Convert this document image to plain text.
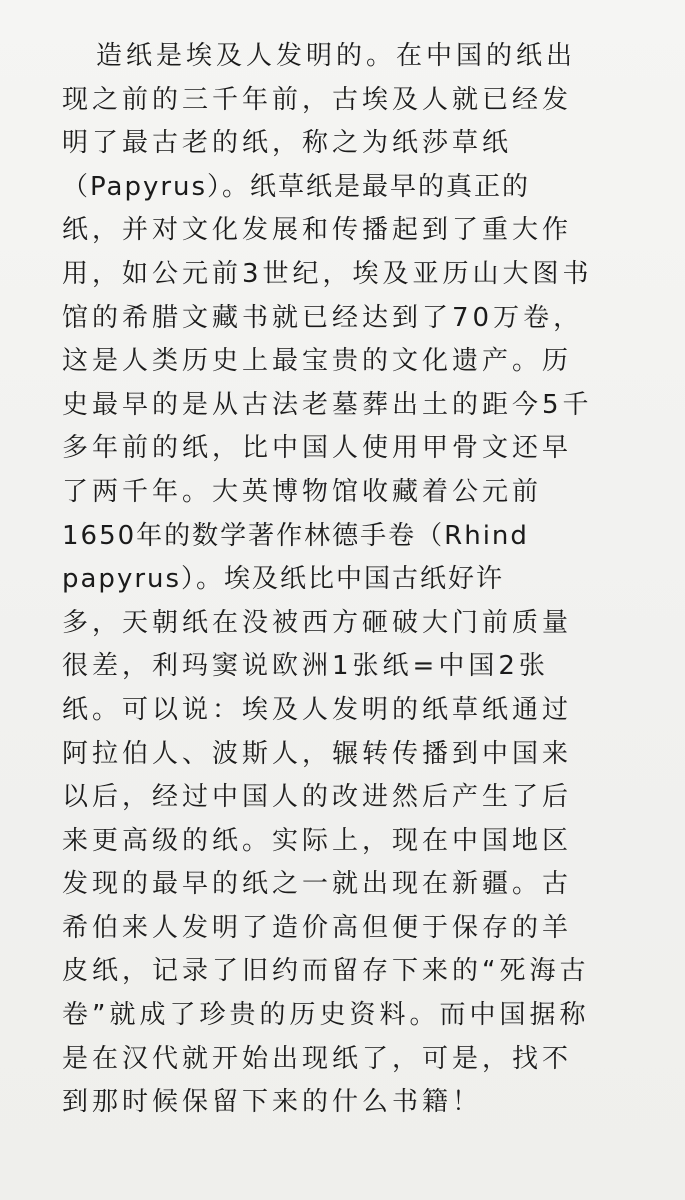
造纸是埃及人发明的。在中国的纸出
现之前的三千年前，古埃及人就已经发
明了最古老的纸，称之为纸莎草纸
（Papyrus）。纸草纸是最早的真正的
纸，并对文化发展和传播起到了重大作
用，如公元前3世纪，埃及亚历山大图书
馆的希腊文藏书就已经达到了70万卷，
这是人类历史上最宝贵的文化遗产。历
史最早的是从古法老墓葬出土的距今5千
多年前的纸，比中国人使用甲骨文还早
了两千年。大英博物馆收藏着公元前
1650年的数学著作林德手卷（Rhind
papyrus）。埃及纸比中国古纸好许
多，天朝纸在没被西方砸破大门前质量
很差，利玛窦说欧洲1张纸=中国2张
纸。可以说：埃及人发明的纸草纸通过
阿拉伯人、波斯人，辗转传播到中国来
以后，经过中国人的改进然后产生了后
来更高级的纸。实际上，现在中国地区
发现的最早的纸之一就出现在新疆。古
希伯来人发明了造价高但便于保存的羊
皮纸，记录了旧约而留存下来的“死海古
卷”就成了珍贵的历史资料。而中国据称
是在汉代就开始出现纸了，可是，找不
到那时候保留下来的什么书籍！
